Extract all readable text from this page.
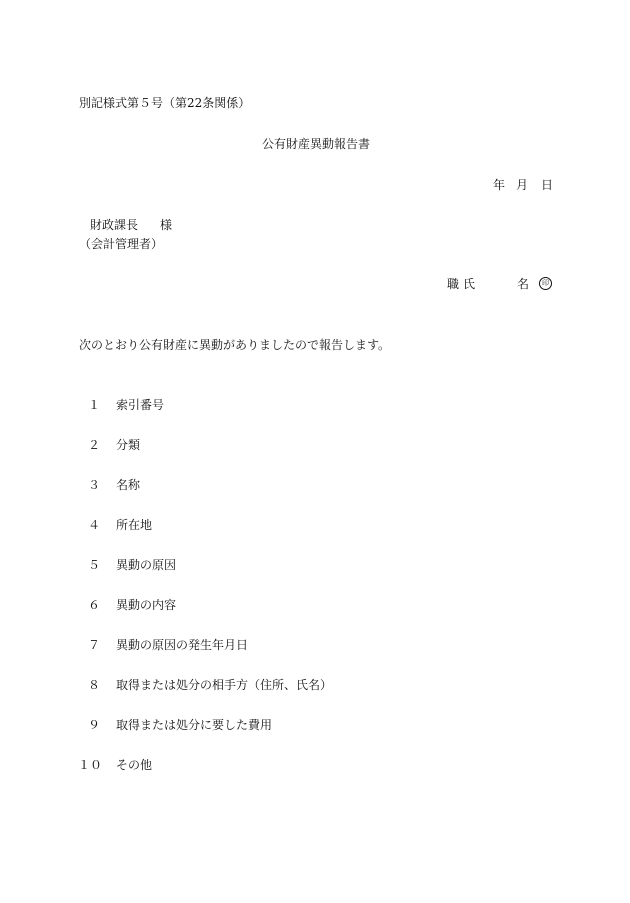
別記様式第５号（第22条関係）
公有財産異動報告書
年 月 日
財政課長 様
（会計管理者）
職 氏	名	印
次のとおり公有財産に異動がありましたので報告します。
１ 索引番号
２ 分類
３ 名称
４ 所在地
５ 異動の原因
６ 異動の内容
７ 異動の原因の発生年月日
８ 取得または処分の相手方（住所、氏名）
９ 取得または処分に要した費用
１０ その他
